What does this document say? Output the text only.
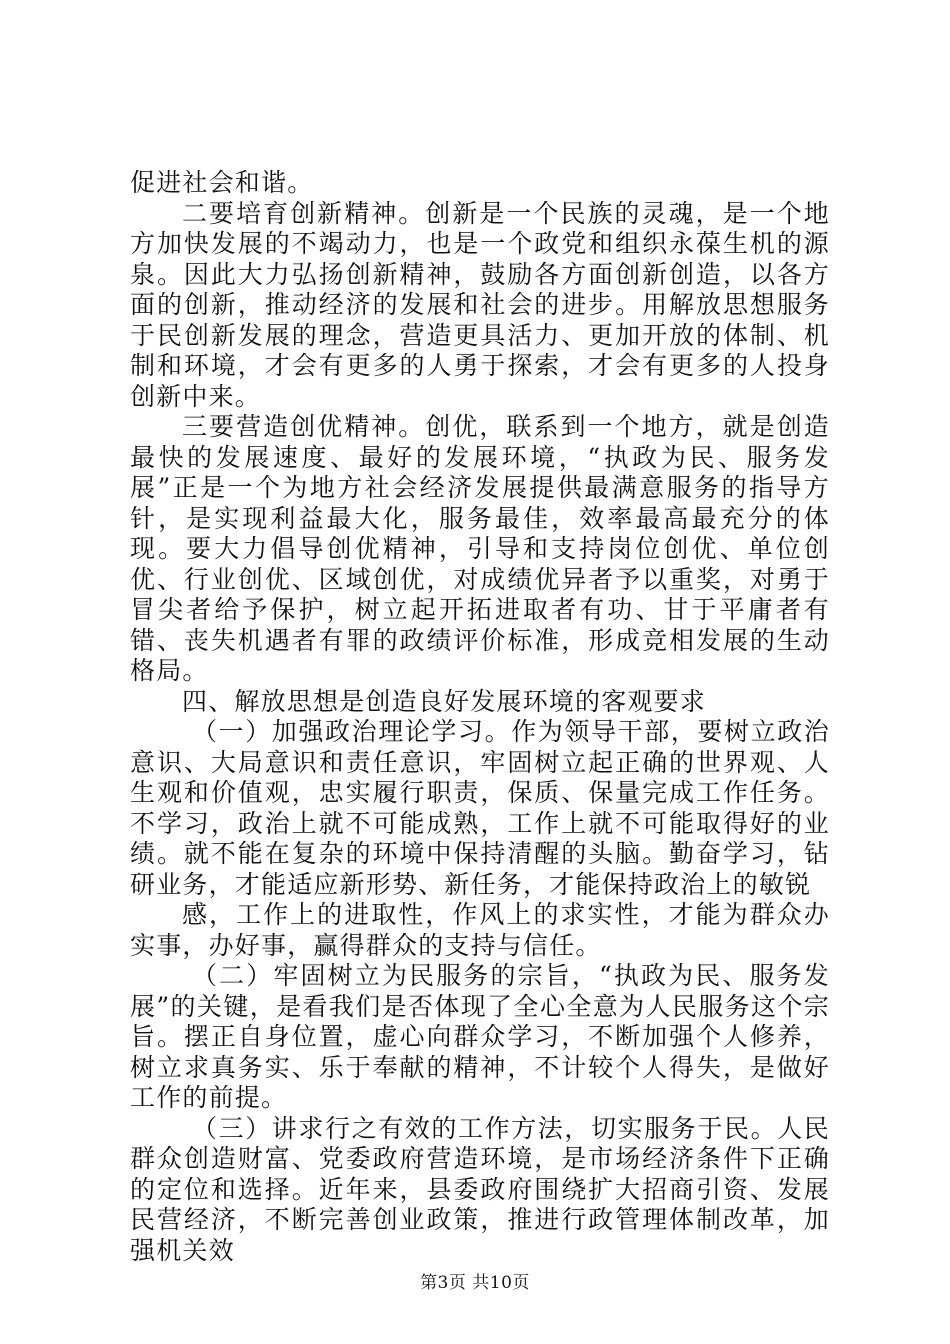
促进社会和谐。

二要培育创新精神。创新是一个民族的灵魂，是一个地方加快发展的不竭动力，也是一个政党和组织永葆生机的源泉。因此大力弘扬创新精神，鼓励各方面创新创造，以各方面的创新，推动经济的发展和社会的进步。用解放思想服务于民创新发展的理念，营造更具活力、更加开放的体制、机制和环境，才会有更多的人勇于探索，才会有更多的人投身创新中来。

三要营造创优精神。创优，联系到一个地方，就是创造最快的发展速度、最好的发展环境，“执政为民、服务发展”正是一个为地方社会经济发展提供最满意服务的指导方针，是实现利益最大化，服务最佳，效率最高最充分的体现。要大力倡导创优精神，引导和支持岗位创优、单位创优、行业创优、区域创优，对成绩优异者予以重奖，对勇于冒尖者给予保护，树立起开拓进取者有功、甘于平庸者有错、丧失机遇者有罪的政绩评价标准，形成竞相发展的生动格局。

四、解放思想是创造良好发展环境的客观要求

（一）加强政治理论学习。作为领导干部，要树立政治意识、大局意识和责任意识，牢固树立起正确的世界观、人生观和价值观，忠实履行职责，保质、保量完成工作任务。不学习，政治上就不可能成熟，工作上就不可能取得好的业绩。就不能在复杂的环境中保持清醒的头脑。勤奋学习，钻研业务，才能适应新形势、新任务，才能保持政治上的敏锐

感，工作上的进取性，作风上的求实性，才能为群众办实事，办好事，赢得群众的支持与信任。

（二）牢固树立为民服务的宗旨，“执政为民、服务发展”的关键，是看我们是否体现了全心全意为人民服务这个宗旨。摆正自身位置，虚心向群众学习，不断加强个人修养，树立求真务实、乐于奉献的精神，不计较个人得失，是做好工作的前提。

（三）讲求行之有效的工作方法，切实服务于民。人民群众创造财富、党委政府营造环境，是市场经济条件下正确的定位和选择。近年来，县委政府围绕扩大招商引资、发展民营经济，不断完善创业政策，推进行政管理体制改革，加强机关效

第3页 共10页
